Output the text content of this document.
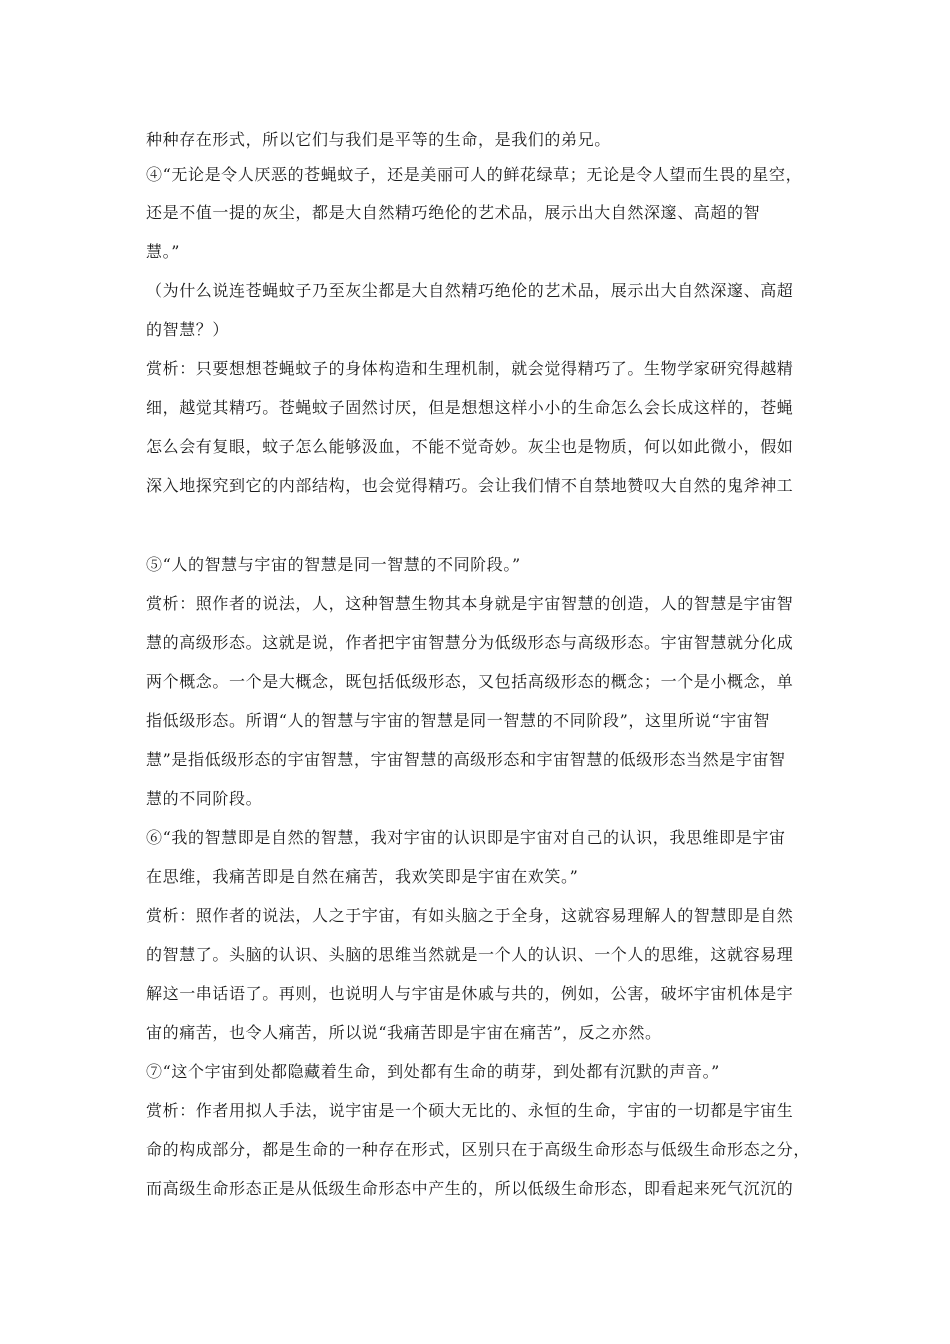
种种存在形式，所以它们与我们是平等的生命，是我们的弟兄。
④“无论是令人厌恶的苍蝇蚊子，还是美丽可人的鲜花绿草；无论是令人望而生畏的星空，
还是不值一提的灰尘，都是大自然精巧绝伦的艺术品，展示出大自然深邃、高超的智
慧。”
（为什么说连苍蝇蚊子乃至灰尘都是大自然精巧绝伦的艺术品，展示出大自然深邃、高超
的智慧？）
赏析：只要想想苍蝇蚊子的身体构造和生理机制，就会觉得精巧了。生物学家研究得越精
细，越觉其精巧。苍蝇蚊子固然讨厌，但是想想这样小小的生命怎么会长成这样的，苍蝇
怎么会有复眼，蚊子怎么能够汲血，不能不觉奇妙。灰尘也是物质，何以如此微小，假如
深入地探究到它的内部结构，也会觉得精巧。会让我们情不自禁地赞叹大自然的鬼斧神工
⑤“人的智慧与宇宙的智慧是同一智慧的不同阶段。”
赏析：照作者的说法，人，这种智慧生物其本身就是宇宙智慧的创造，人的智慧是宇宙智
慧的高级形态。这就是说，作者把宇宙智慧分为低级形态与高级形态。宇宙智慧就分化成
两个概念。一个是大概念，既包括低级形态，又包括高级形态的概念；一个是小概念，单
指低级形态。所谓“人的智慧与宇宙的智慧是同一智慧的不同阶段”，这里所说“宇宙智
慧”是指低级形态的宇宙智慧，宇宙智慧的高级形态和宇宙智慧的低级形态当然是宇宙智
慧的不同阶段。
⑥“我的智慧即是自然的智慧，我对宇宙的认识即是宇宙对自己的认识，我思维即是宇宙
在思维，我痛苦即是自然在痛苦，我欢笑即是宇宙在欢笑。”
赏析：照作者的说法，人之于宇宙，有如头脑之于全身，这就容易理解人的智慧即是自然
的智慧了。头脑的认识、头脑的思维当然就是一个人的认识、一个人的思维，这就容易理
解这一串话语了。再则，也说明人与宇宙是休戚与共的，例如，公害，破坏宇宙机体是宇
宙的痛苦，也令人痛苦，所以说“我痛苦即是宇宙在痛苦”，反之亦然。
⑦“这个宇宙到处都隐藏着生命，到处都有生命的萌芽，到处都有沉默的声音。”
赏析：作者用拟人手法，说宇宙是一个硕大无比的、永恒的生命，宇宙的一切都是宇宙生
命的构成部分，都是生命的一种存在形式，区别只在于高级生命形态与低级生命形态之分，
而高级生命形态正是从低级生命形态中产生的，所以低级生命形态，即看起来死气沉沉的
